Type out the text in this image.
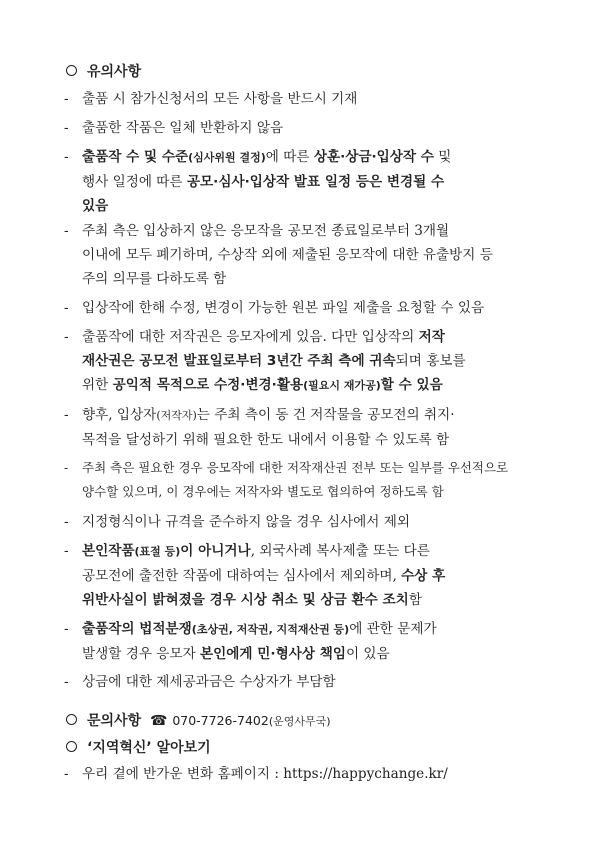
유의사항
- 출품 시 참가신청서의 모든 사항을 반드시 기재
- 출품한 작품은 일체 반환하지 않음
- 출품작 수 및 수준(심사위원 결정)에 따른 상훈·상금·입상작 수 및
행사 일정에 따른 공모·심사·입상작 발표 일정 등은 변경될 수
있음
- 주최 측은 입상하지 않은 응모작을 공모전 종료일로부터 3개월
이내에 모두 폐기하며, 수상작 외에 제출된 응모작에 대한 유출방지 등
주의 의무를 다하도록 함
- 입상작에 한해 수정, 변경이 가능한 원본 파일 제출을 요청할 수 있음
- 출품작에 대한 저작권은 응모자에게 있음. 다만 입상작의 저작
재산권은 공모전 발표일로부터 3년간 주최 측에 귀속되며 홍보를
위한 공익적 목적으로 수정·변경·활용(필요시 재가공)할 수 있음
- 향후, 입상자(저작자)는 주최 측이 동 건 저작물을 공모전의 취지·
목적을 달성하기 위해 필요한 한도 내에서 이용할 수 있도록 함
-	주최 측은 필요한 경우 응모작에 대한 저작재산권 전부 또는 일부를 우선적으로
양수할 있으며, 이 경우에는 저작자와 별도로 협의하여 정하도록 함
- 지정형식이나 규격을 준수하지 않을 경우 심사에서 제외
- 본인작품(표절 등)이 아니거나, 외국사례 복사제출 또는 다른
공모전에 출전한 작품에 대하여는 심사에서 제외하며, 수상 후
위반사실이 밝혀졌을 경우 시상 취소 및 상금 환수 조치함
- 출품작의 법적분쟁(초상권, 저작권, 지적재산권 등)에 관한 문제가
발생할 경우 응모자 본인에게 민·형사상 책임이 있음
- 상금에 대한 제세공과금은 수상자가 부담함
문의사항 ☎ 070-7726-7402(운영사무국)
‘지역혁신’ 알아보기
- 우리 곁에 반가운 변화 홈페이지 : https://happychange.kr/
